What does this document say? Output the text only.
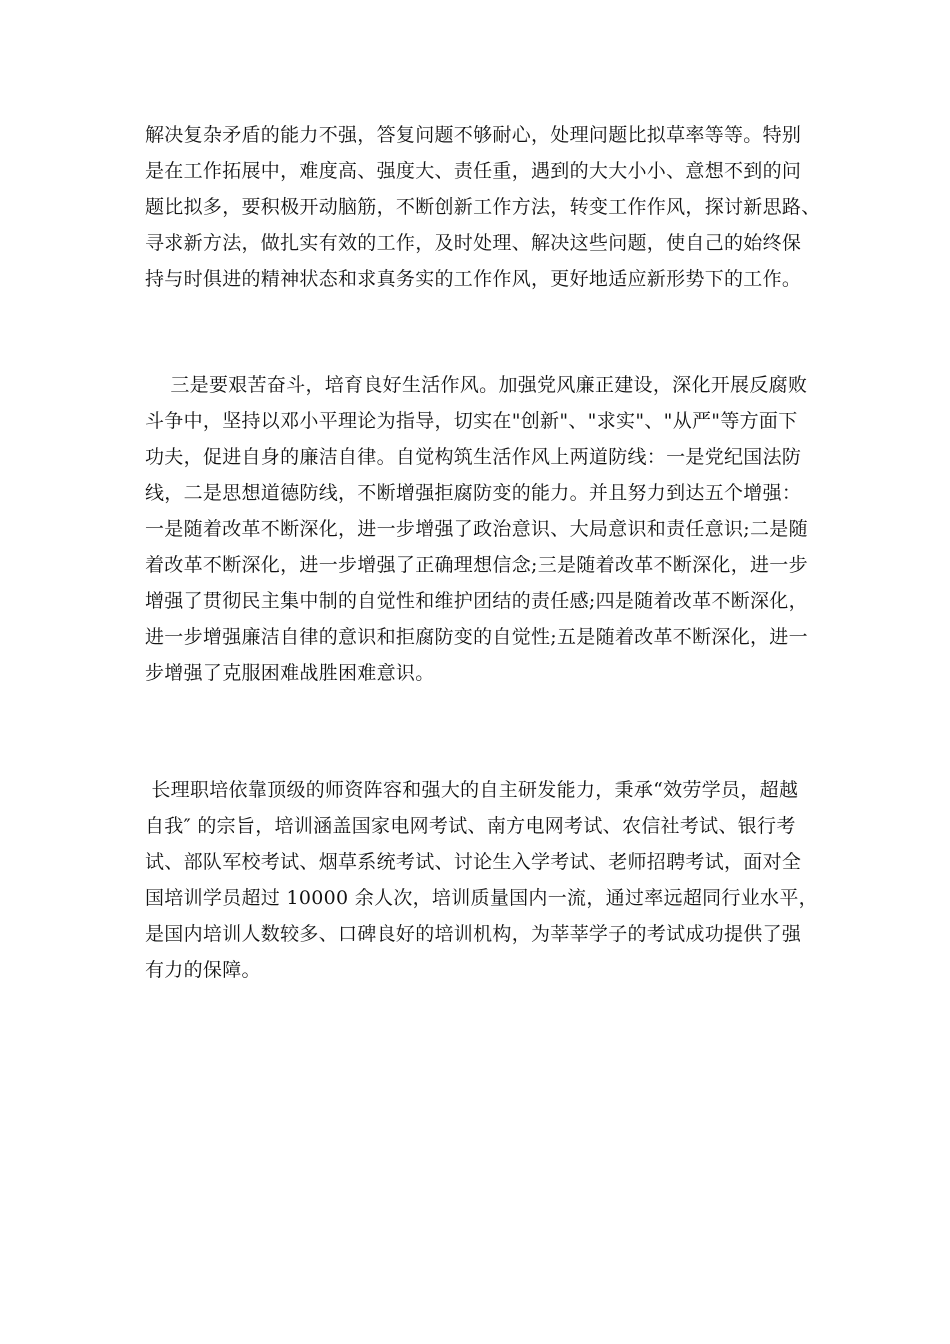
解决复杂矛盾的能力不强，答复问题不够耐心，处理问题比拟草率等等。特别
是在工作拓展中，难度高、强度大、责任重，遇到的大大小小、意想不到的问
题比拟多，要积极开动脑筋，不断创新工作方法，转变工作作风，探讨新思路、
寻求新方法，做扎实有效的工作，及时处理、解决这些问题，使自己的始终保
持与时俱进的精神状态和求真务实的工作作风，更好地适应新形势下的工作。
三是要艰苦奋斗，培育良好生活作风。加强党风廉正建设，深化开展反腐败
斗争中，坚持以邓小平理论为指导，切实在"创新"、"求实"、"从严"等方面下
功夫，促进自身的廉洁自律。自觉构筑生活作风上两道防线：一是党纪国法防
线，二是思想道德防线，不断增强拒腐防变的能力。并且努力到达五个增强：
一是随着改革不断深化，进一步增强了政治意识、大局意识和责任意识;二是随
着改革不断深化，进一步增强了正确理想信念;三是随着改革不断深化，进一步
增强了贯彻民主集中制的自觉性和维护团结的责任感;四是随着改革不断深化，
进一步增强廉洁自律的意识和拒腐防变的自觉性;五是随着改革不断深化，进一
步增强了克服困难战胜困难意识。
长理职培依靠顶级的师资阵容和强大的自主研发能力，秉承“效劳学员，超越
自我″ 的宗旨，培训涵盖国家电网考试、南方电网考试、农信社考试、银行考
试、部队军校考试、烟草系统考试、讨论生入学考试、老师招聘考试，面对全
国培训学员超过 10000 余人次，培训质量国内一流，通过率远超同行业水平，
是国内培训人数较多、口碑良好的培训机构，为莘莘学子的考试成功提供了强
有力的保障。
